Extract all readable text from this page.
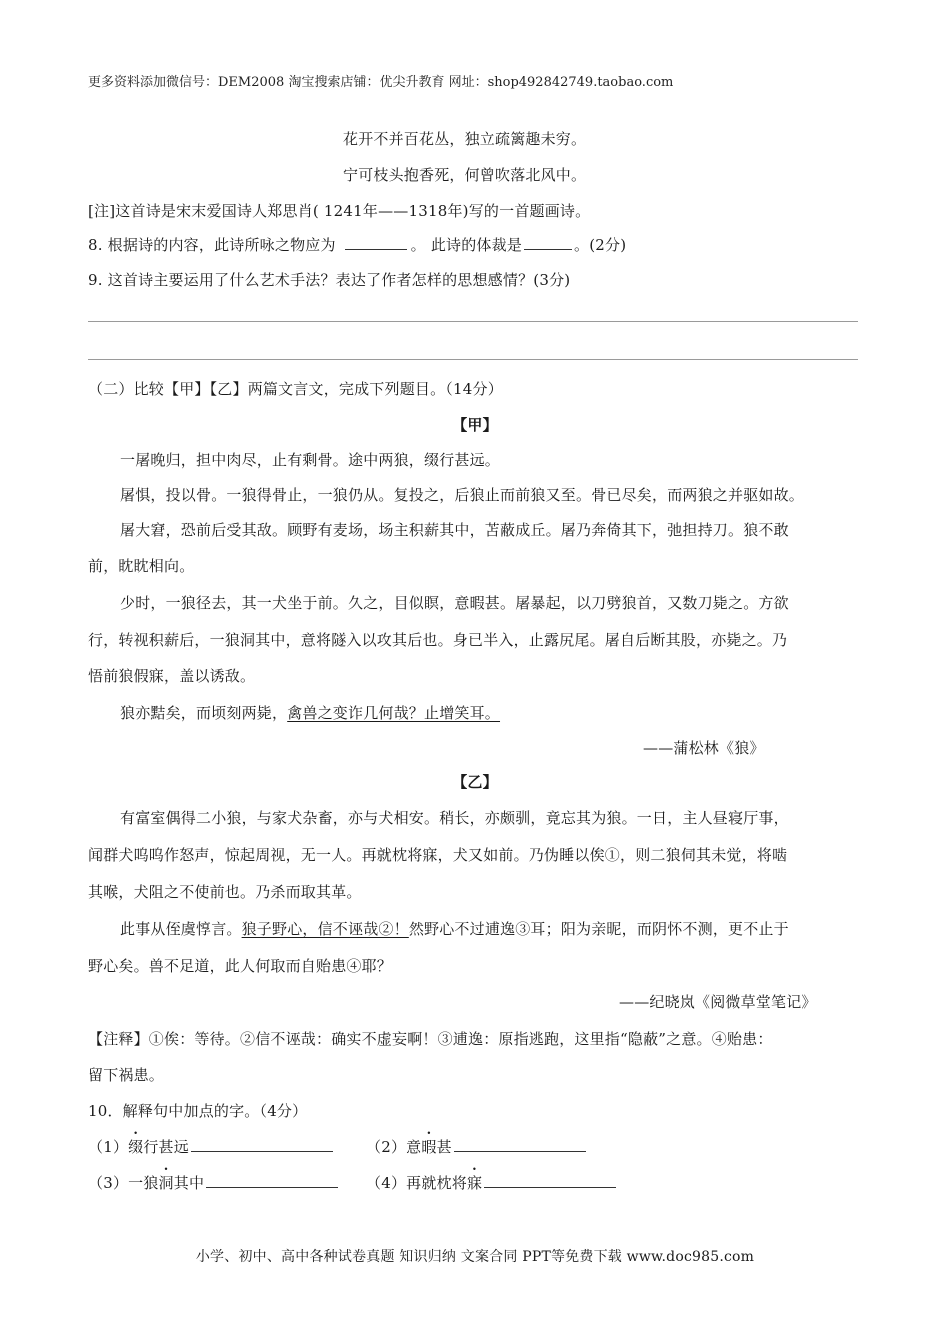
更多资料添加微信号：DEM2008 淘宝搜索店铺：优尖升教育 网址：shop492842749.taobao.com
花开不并百花丛，独立疏篱趣未穷。
宁可枝头抱香死，何曾吹落北风中。
[注]这首诗是宋末爱国诗人郑思肖( 1241年——1318年)写的一首题画诗。
8. 根据诗的内容，此诗所咏之物应为	。 此诗的体裁是	。(2分)
9. 这首诗主要运用了什么艺术手法？表达了作者怎样的思想感情？(3分)
（二）比较【甲】【乙】两篇文言文，完成下列题目。（14分）
【甲】
一屠晚归，担中肉尽，止有剩骨。途中两狼，缀行甚远。
屠惧，投以骨。一狼得骨止，一狼仍从。复投之，后狼止而前狼又至。骨已尽矣，而两狼之并驱如故。
屠大窘，恐前后受其敌。顾野有麦场，场主积薪其中，苫蔽成丘。屠乃奔倚其下，弛担持刀。狼不敢
前，眈眈相向。
少时，一狼径去，其一犬坐于前。久之，目似瞑，意暇甚。屠暴起，以刀劈狼首，又数刀毙之。方欲
行，转视积薪后，一狼洞其中，意将隧入以攻其后也。身已半入，止露尻尾。屠自后断其股，亦毙之。乃
悟前狼假寐，盖以诱敌。
狼亦黠矣，而顷刻两毙，禽兽之变诈几何哉？止增笑耳。
——蒲松林《狼》
【乙】
有富室偶得二小狼，与家犬杂畜，亦与犬相安。稍长，亦颇驯，竟忘其为狼。一日，主人昼寝厅事，
闻群犬呜呜作怒声，惊起周视，无一人。再就枕将寐，犬又如前。乃伪睡以俟①，则二狼伺其未觉，将啮
其喉，犬阻之不使前也。乃杀而取其革。
此事从侄虞惇言。狼子野心，信不诬哉②！然野心不过逋逸③耳；阳为亲昵，而阴怀不测，更不止于
野心矣。兽不足道，此人何取而自贻患④耶？
——纪晓岚《阅微草堂笔记》
【注释】①俟：等待。②信不诬哉：确实不虚妄啊！③逋逸：原指逃跑，这里指“隐蔽”之意。④贻患：
留下祸患。
10．解释句中加点的字。（4分）
（1）缀行甚远	（2）意暇甚
（3）一狼洞其中	（4）再就枕将寐
小学、初中、高中各种试卷真题 知识归纳 文案合同 PPT等免费下载 www.doc985.com
